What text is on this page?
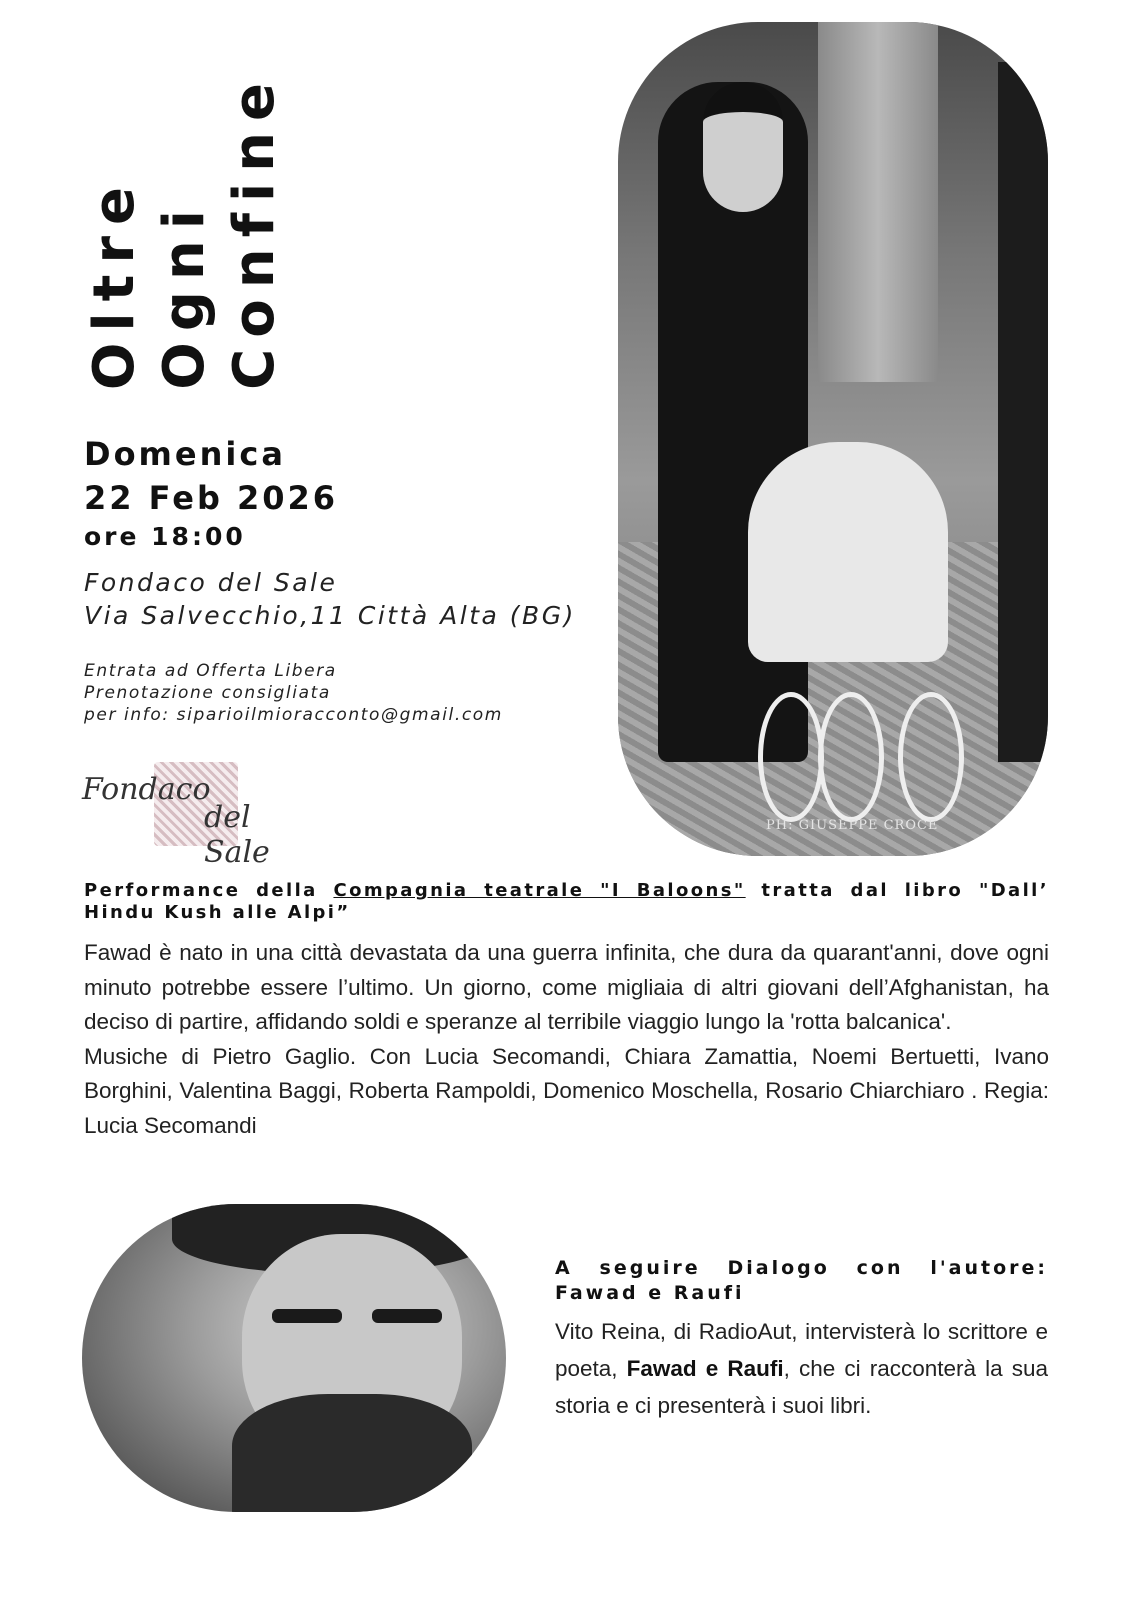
Oltre Ogni Confine
Domenica
22 Feb 2026
ore 18:00
Fondaco del Sale
Via Salvecchio,11 Città Alta (BG)
Entrata ad Offerta Libera
Prenotazione consigliata
per info: siparioilmioracconto@gmail.com
Fondaco
del Sale
PH: GIUSEPPE CROCE
Performance della Compagnia teatrale "I Baloons" tratta dal libro "Dall’ Hindu Kush alle Alpi”

Fawad è nato in una città devastata da una guerra infinita, che dura da quarant'anni, dove ogni minuto potrebbe essere l’ultimo. Un giorno, come migliaia di altri giovani dell’Afghanistan, ha deciso di partire, affidando soldi e speranze al terribile viaggio lungo la 'rotta balcanica'.

Musiche di Pietro Gaglio. Con Lucia Secomandi, Chiara Zamattia, Noemi Bertuetti, Ivano Borghini, Valentina Baggi, Roberta Rampoldi, Domenico Moschella, Rosario Chiarchiaro . Regia: Lucia Secomandi

A seguire Dialogo con l'autore:
Fawad e Raufi
Vito Reina, di RadioAut, intervisterà lo scrittore e poeta, Fawad e Raufi, che ci racconterà la sua storia e ci presenterà i suoi libri.
